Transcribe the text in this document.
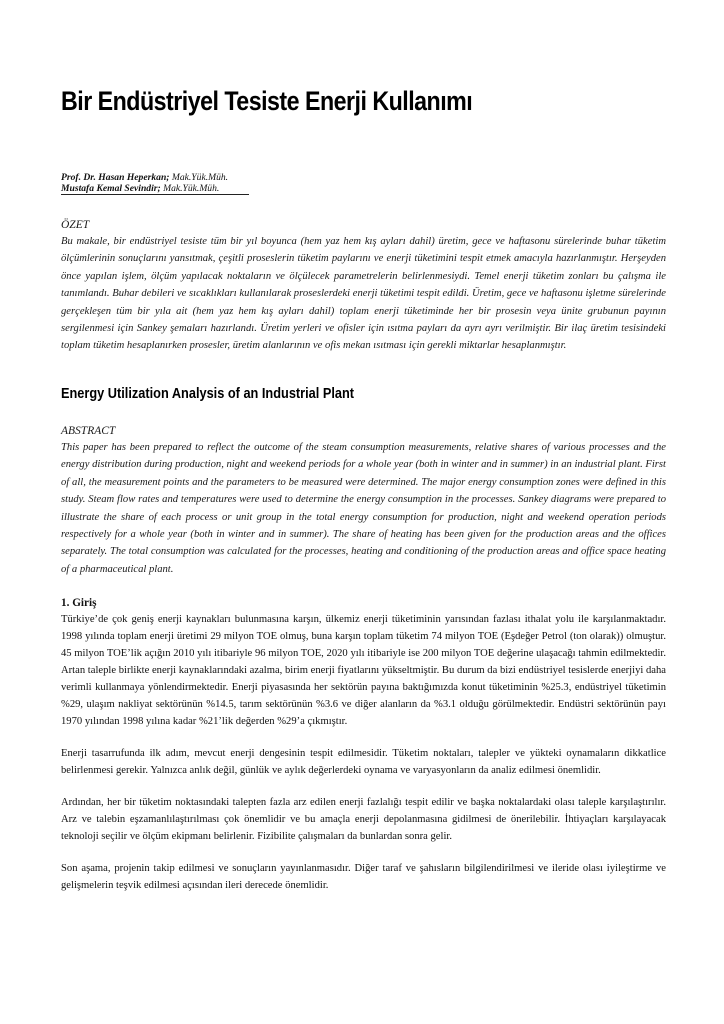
Bir Endüstriyel Tesiste Enerji Kullanımı
Prof. Dr. Hasan Heperkan; Mak.Yük.Müh.
Mustafa Kemal Sevindir; Mak.Yük.Müh.
ÖZET

Bu makale, bir endüstriyel tesiste tüm bir yıl boyunca (hem yaz hem kış ayları dahil) üretim, gece ve haftasonu sürelerinde buhar tüketim ölçümlerinin sonuçlarını yansıtmak, çeşitli proseslerin tüketim paylarını ve enerji tüketimini tespit etmek amacıyla hazırlanmıştır. Herşeyden önce yapılan işlem, ölçüm yapılacak noktaların ve ölçülecek parametrelerin belirlenmesiydi. Temel enerji tüketim zonları bu çalışma ile tanımlandı. Buhar debileri ve sıcaklıkları kullanılarak proseslerdeki enerji tüketimi tespit edildi. Üretim, gece ve haftasonu işletme sürelerinde gerçekleşen tüm bir yıla ait (hem yaz hem kış ayları dahil) toplam enerji tüketiminde her bir prosesin veya ünite grubunun payının sergilenmesi için Sankey şemaları hazırlandı. Üretim yerleri ve ofisler için ısıtma payları da ayrı ayrı verilmiştir. Bir ilaç üretim tesisindeki toplam tüketim hesaplanırken prosesler, üretim alanlarının ve ofis mekan ısıtması için gerekli miktarlar hesaplanmıştır.

Energy Utilization Analysis of an Industrial Plant
ABSTRACT

This paper has been prepared to reflect the outcome of the steam consumption measurements, relative shares of various processes and the energy distribution during production, night and weekend periods for a whole year (both in winter and in summer) in an industrial plant. First of all, the measurement points and the parameters to be measured were determined. The major energy consumption zones were defined in this study. Steam flow rates and temperatures were used to determine the energy consumption in the processes. Sankey diagrams were prepared to illustrate the share of each process or unit group in the total energy consumption for production, night and weekend operation periods respectively for a whole year (both in winter and in summer). The share of heating has been given for the production areas and the offices separately. The total consumption was calculated for the processes, heating and conditioning of the production areas and office space heating of a pharmaceutical plant.

1. Giriş

Türkiye’de çok geniş enerji kaynakları bulunmasına karşın, ülkemiz enerji tüketiminin yarısından fazlası ithalat yolu ile karşılanmaktadır. 1998 yılında toplam enerji üretimi 29 milyon TOE olmuş, buna karşın toplam tüketim 74 milyon TOE (Eşdeğer Petrol (ton olarak)) olmuştur. 45 milyon TOE’lik açığın 2010 yılı itibariyle 96 milyon TOE, 2020 yılı itibariyle ise 200 milyon TOE değerine ulaşacağı tahmin edilmektedir. Artan taleple birlikte enerji kaynaklarındaki azalma, birim enerji fiyatlarını yükseltmiştir. Bu durum da bizi endüstriyel tesislerde enerjiyi daha verimli kullanmaya yönlendirmektedir. Enerji piyasasında her sektörün payına baktığımızda konut tüketiminin %25.3, endüstriyel tüketimin %29, ulaşım nakliyat sektörünün %14.5, tarım sektörünün %3.6 ve diğer alanların da %3.1 olduğu görülmektedir. Endüstri sektörünün payı 1970 yılından 1998 yılına kadar %21’lik değerden %29’a çıkmıştır.

Enerji tasarrufunda ilk adım, mevcut enerji dengesinin tespit edilmesidir. Tüketim noktaları, talepler ve yükteki oynamaların dikkatlice belirlenmesi gerekir. Yalnızca anlık değil, günlük ve aylık değerlerdeki oynama ve varyasyonların da analiz edilmesi önemlidir.

Ardından, her bir tüketim noktasındaki talepten fazla arz edilen enerji fazlalığı tespit edilir ve başka noktalardaki olası taleple karşılaştırılır. Arz ve talebin eşzamanlılaştırılması çok önemlidir ve bu amaçla enerji depolanmasına gidilmesi de önerilebilir. İhtiyaçları karşılayacak teknoloji seçilir ve ölçüm ekipmanı belirlenir. Fizibilite çalışmaları da bunlardan sonra gelir.

Son aşama, projenin takip edilmesi ve sonuçların yayınlanmasıdır. Diğer taraf ve şahısların bilgilendirilmesi ve ileride olası iyileştirme ve gelişmelerin teşvik edilmesi açısından ileri derecede önemlidir.
